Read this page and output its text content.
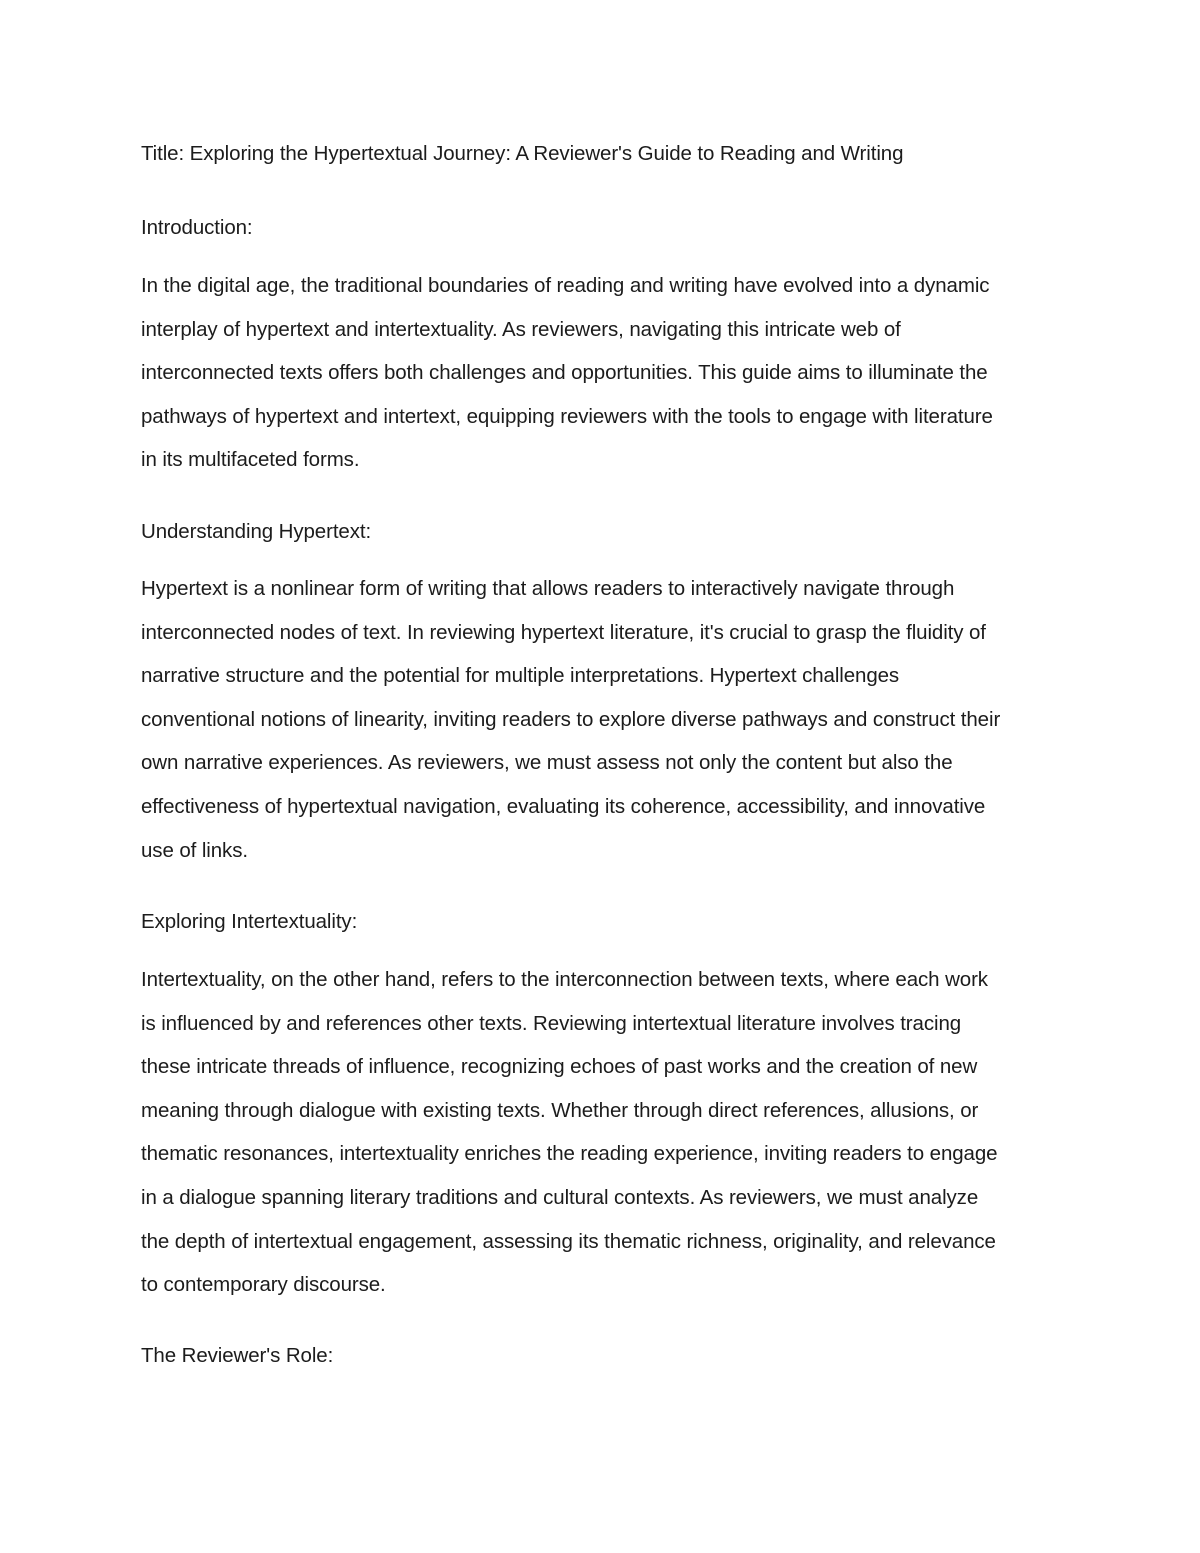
Title: Exploring the Hypertextual Journey: A Reviewer's Guide to Reading and Writing
Introduction:
In the digital age, the traditional boundaries of reading and writing have evolved into a dynamic
interplay of hypertext and intertextuality. As reviewers, navigating this intricate web of
interconnected texts offers both challenges and opportunities. This guide aims to illuminate the
pathways of hypertext and intertext, equipping reviewers with the tools to engage with literature
in its multifaceted forms.
Understanding Hypertext:
Hypertext is a nonlinear form of writing that allows readers to interactively navigate through
interconnected nodes of text. In reviewing hypertext literature, it's crucial to grasp the fluidity of
narrative structure and the potential for multiple interpretations. Hypertext challenges
conventional notions of linearity, inviting readers to explore diverse pathways and construct their
own narrative experiences. As reviewers, we must assess not only the content but also the
effectiveness of hypertextual navigation, evaluating its coherence, accessibility, and innovative
use of links.
Exploring Intertextuality:
Intertextuality, on the other hand, refers to the interconnection between texts, where each work
is influenced by and references other texts. Reviewing intertextual literature involves tracing
these intricate threads of influence, recognizing echoes of past works and the creation of new
meaning through dialogue with existing texts. Whether through direct references, allusions, or
thematic resonances, intertextuality enriches the reading experience, inviting readers to engage
in a dialogue spanning literary traditions and cultural contexts. As reviewers, we must analyze
the depth of intertextual engagement, assessing its thematic richness, originality, and relevance
to contemporary discourse.
The Reviewer's Role:
